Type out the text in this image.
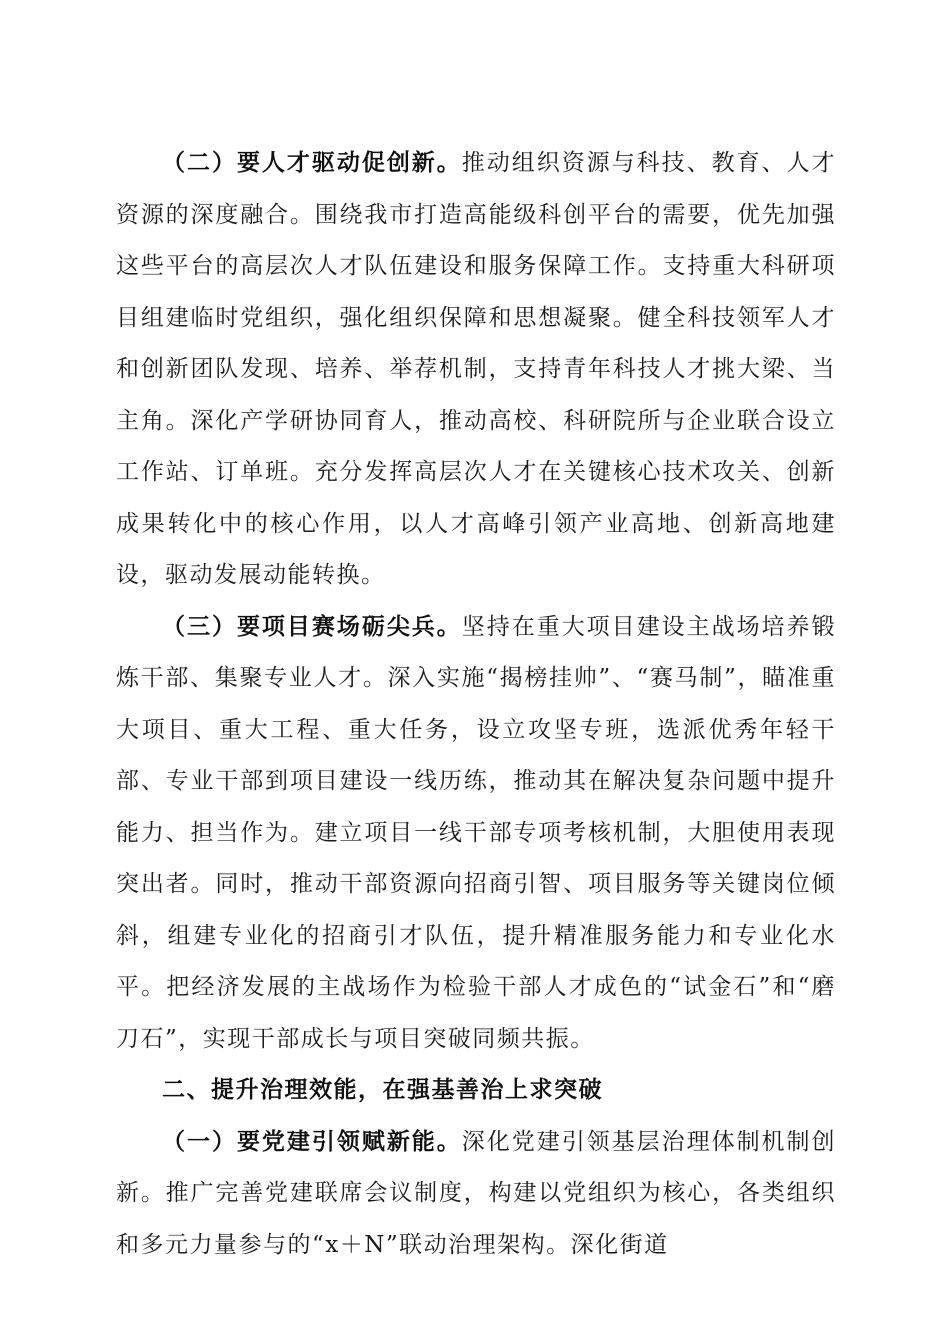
（二）要人才驱动促创新。推动组织资源与科技、教育、人才资源的深度融合。围绕我市打造高能级科创平台的需要，优先加强这些平台的高层次人才队伍建设和服务保障工作。支持重大科研项目组建临时党组织，强化组织保障和思想凝聚。健全科技领军人才和创新团队发现、培养、举荐机制，支持青年科技人才挑大梁、当主角。深化产学研协同育人，推动高校、科研院所与企业联合设立工作站、订单班。充分发挥高层次人才在关键核心技术攻关、创新成果转化中的核心作用，以人才高峰引领产业高地、创新高地建设，驱动发展动能转换。

（三）要项目赛场砺尖兵。坚持在重大项目建设主战场培养锻炼干部、集聚专业人才。深入实施“揭榜挂帅”、“赛马制”，瞄准重大项目、重大工程、重大任务，设立攻坚专班，选派优秀年轻干部、专业干部到项目建设一线历练，推动其在解决复杂问题中提升能力、担当作为。建立项目一线干部专项考核机制，大胆使用表现突出者。同时，推动干部资源向招商引智、项目服务等关键岗位倾斜，组建专业化的招商引才队伍，提升精准服务能力和专业化水平。把经济发展的主战场作为检验干部人才成色的“试金石”和“磨刀石”，实现干部成长与项目突破同频共振。

二、提升治理效能，在强基善治上求突破

（一）要党建引领赋新能。深化党建引领基层治理体制机制创新。推广完善党建联席会议制度，构建以党组织为核心，各类组织和多元力量参与的“x＋N”联动治理架构。深化街道
